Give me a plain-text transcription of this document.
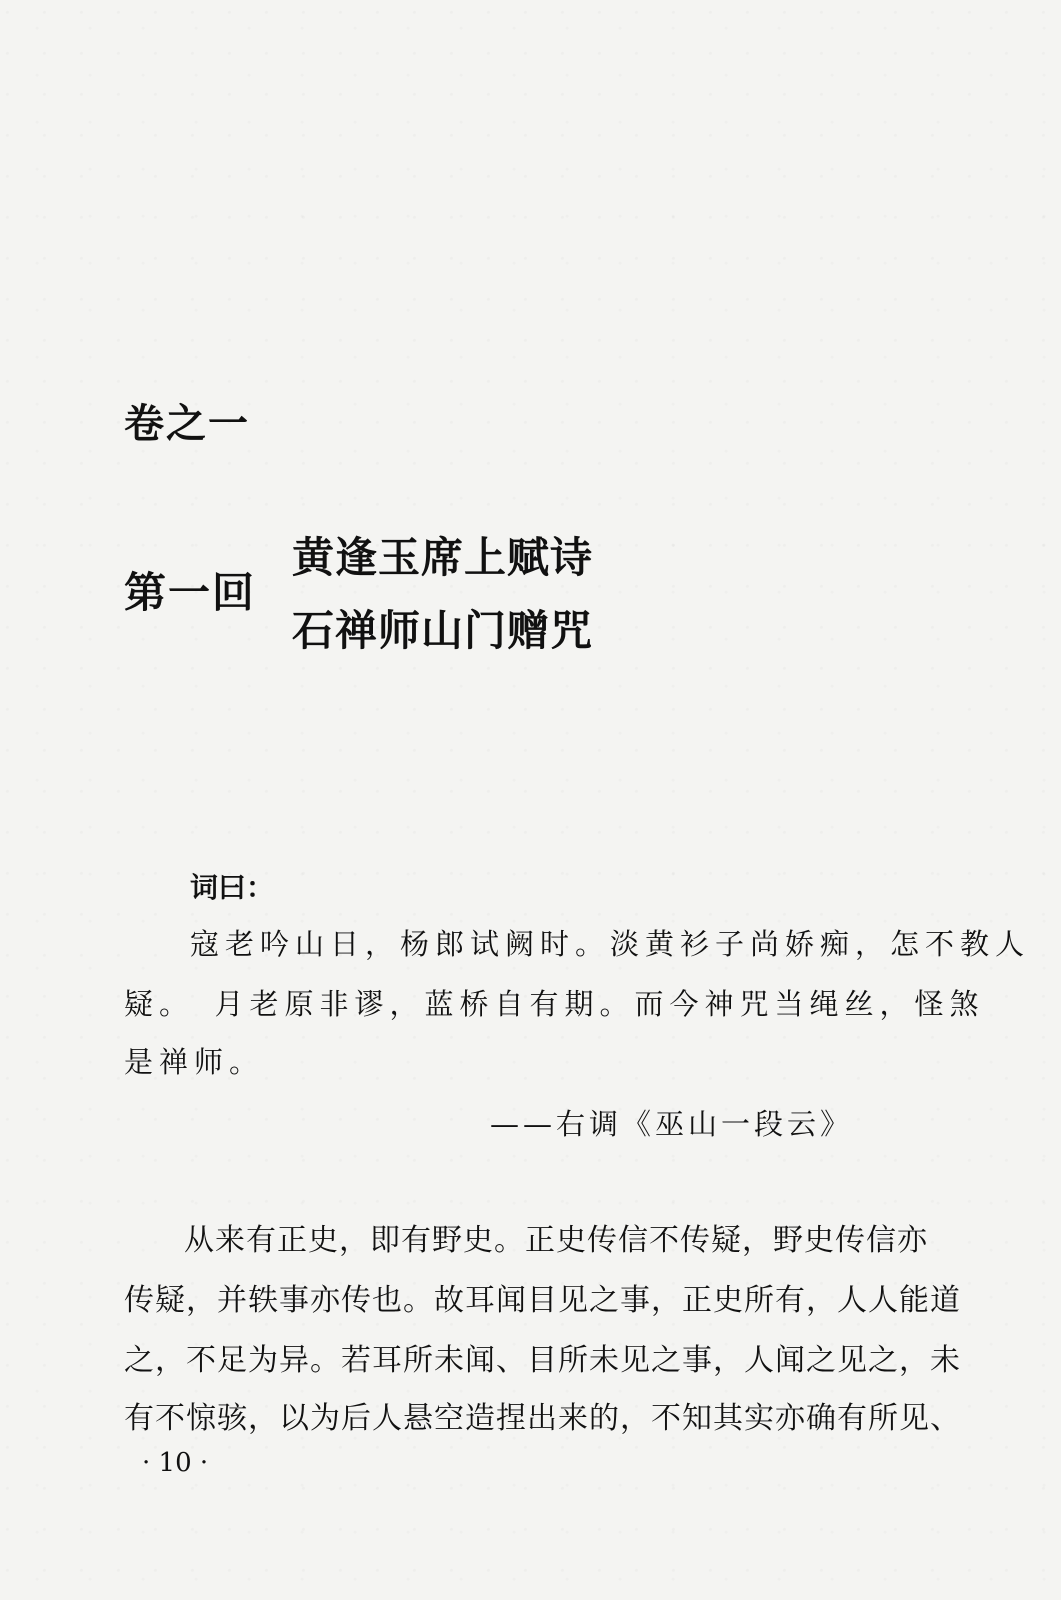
卷之一
第一回
黄逢玉席上赋诗
石禅师山门赠咒
词曰：
寇老吟山日，杨郎试阙时。淡黄衫子尚娇痴，怎不教人
疑。　月老原非谬，蓝桥自有期。而今神咒当绳丝，怪煞
是禅师。
——右调《巫山一段云》
从来有正史，即有野史。正史传信不传疑，野史传信亦
传疑，并轶事亦传也。故耳闻目见之事，正史所有，人人能道
之，不足为异。若耳所未闻、目所未见之事，人闻之见之，未
有不惊骇，以为后人悬空造捏出来的，不知其实亦确有所见、
· 10 ·
